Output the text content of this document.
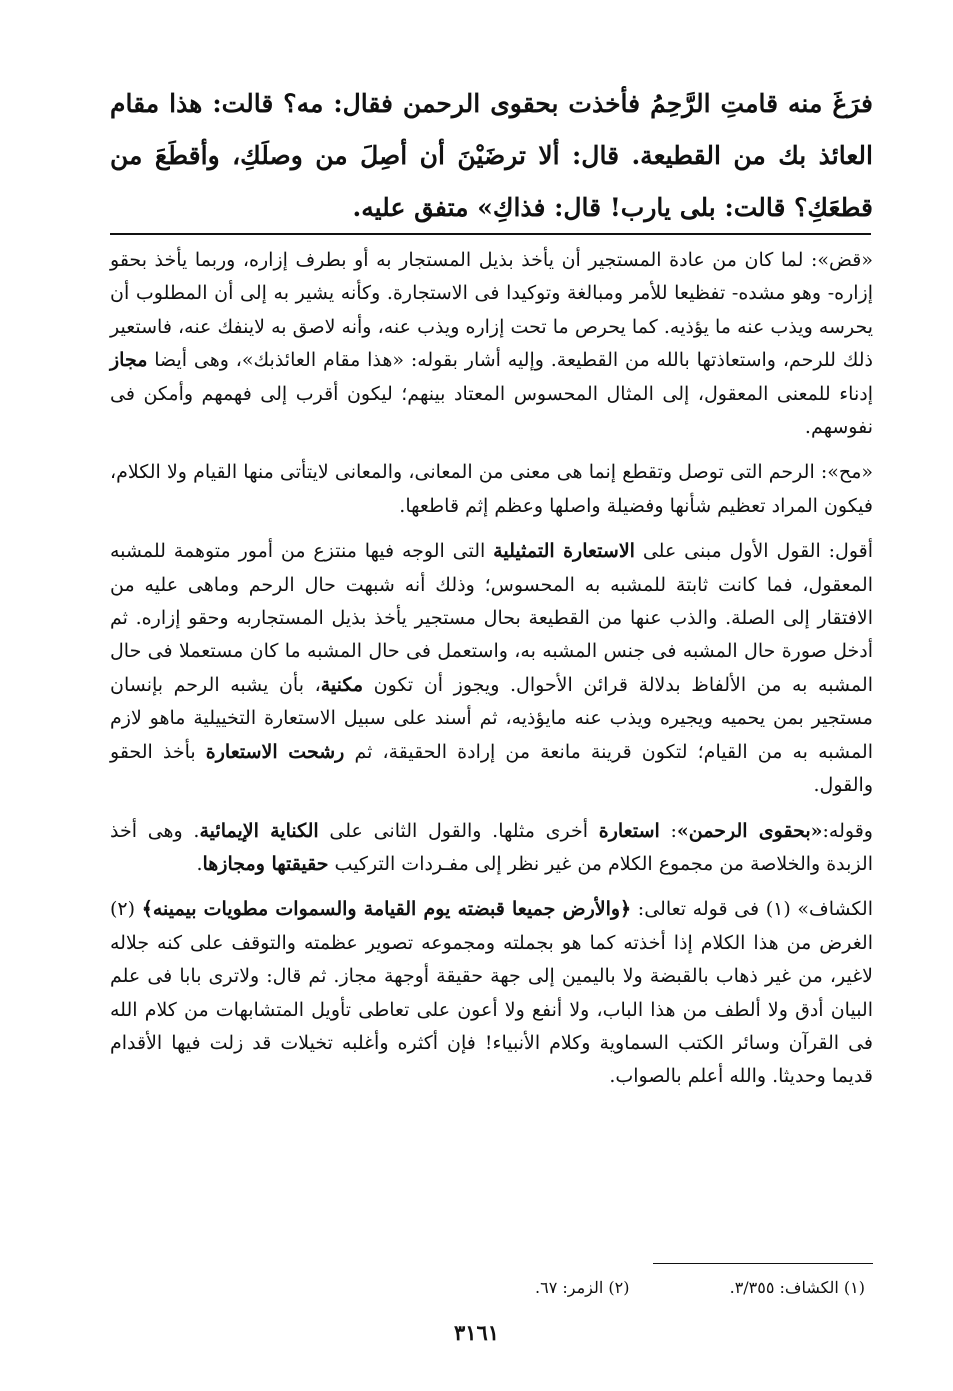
فرَغَ منه قامتِ الرَّحِمُ فأخذت بحقوى الرحمن فقال: مه؟ قالت: هذا مقام العائذ بك من القطيعة. قال: ألا ترضَيْنَ أن أصِلَ من وصلَكِ، وأقطَعَ من قطعَكِ؟ قالت: بلى يارب! قال: فذاكِ» متفق عليه.

«قض»: لما كان من عادة المستجير أن يأخذ بذيل المستجار به أو بطرف إزاره، وربما يأخذ بحقو إزاره- وهو مشده- تفظيعا للأمر ومبالغة وتوكيدا فى الاستجارة. وكأنه يشير به إلى أن المطلوب أن يحرسه ويذب عنه ما يؤذيه. كما يحرص ما تحت إزاره ويذب عنه، وأنه لاصق به لاينفك عنه، فاستعير ذلك للرحم، واستعاذتها بالله من القطيعة. وإليه أشار بقوله: «هذا مقام العائذبك»، وهى أيضا مجاز إدناء للمعنى المعقول، إلى المثال المحسوس المعتاد بينهم؛ ليكون أقرب إلى فهمهم وأمكن فى نفوسهم.

«مح»: الرحم التى توصل وتقطع إنما هى معنى من المعانى، والمعانى لايتأتى منها القيام ولا الكلام، فيكون المراد تعظيم شأنها وفضيلة واصلها وعظم إثم قاطعها.

أقول: القول الأول مبنى على الاستعارة التمثيلية التى الوجه فيها منتزع من أمور متوهمة للمشبه المعقول، فما كانت ثابتة للمشبه به المحسوس؛ وذلك أنه شبهت حال الرحم وماهى عليه من الافتقار إلى الصلة. والذب عنها من القطيعة بحال مستجير يأخذ بذيل المستجاربه وحقو إزاره. ثم أدخل صورة حال المشبه فى جنس المشبه به، واستعمل فى حال المشبه ما كان مستعملا فى حال المشبه به من الألفاظ بدلالة قرائن الأحوال. ويجوز أن تكون مكنية، بأن يشبه الرحم بإنسان مستجير بمن يحميه ويجيره ويذب عنه مايؤذيه، ثم أسند على سبيل الاستعارة التخييلية ماهو لازم المشبه به من القيام؛ لتكون قرينة مانعة من إرادة الحقيقة، ثم رشحت الاستعارة بأخذ الحقو والقول.

وقوله:«بحقوى الرحمن»: استعارة أخرى مثلها. والقول الثانى على الكناية الإيمائية. وهى أخذ الزبدة والخلاصة من مجموع الكلام من غير نظر إلى مفـردات التركيب حقيقتها ومجازها.

الكشاف» (١) فى قوله تعالى: ﴿والأرض جميعا قبضته يوم القيامة والسموات مطويات بيمينه﴾ (٢) الغرض من هذا الكلام إذا أخذته كما هو بجملته ومجموعه تصوير عظمته والتوقف على كنه جلاله لاغير، من غير ذهاب بالقبضة ولا باليمين إلى جهة حقيقة أوجهة مجاز. ثم قال: ولاترى بابا فى علم البيان أدق ولا ألطف من هذا الباب، ولا أنفع ولا أعون على تعاطى تأويل المتشابهات من كلام الله فى القرآن وسائر الكتب السماوية وكلام الأنبياء! فإن أكثره وأغلبه تخيلات قد زلت فيها الأقدام قديما وحديثا. والله أعلم بالصواب.

(١) الكشاف: ٣/٣٥٥. (٢) الزمر: ٦٧.
٣١٦١
